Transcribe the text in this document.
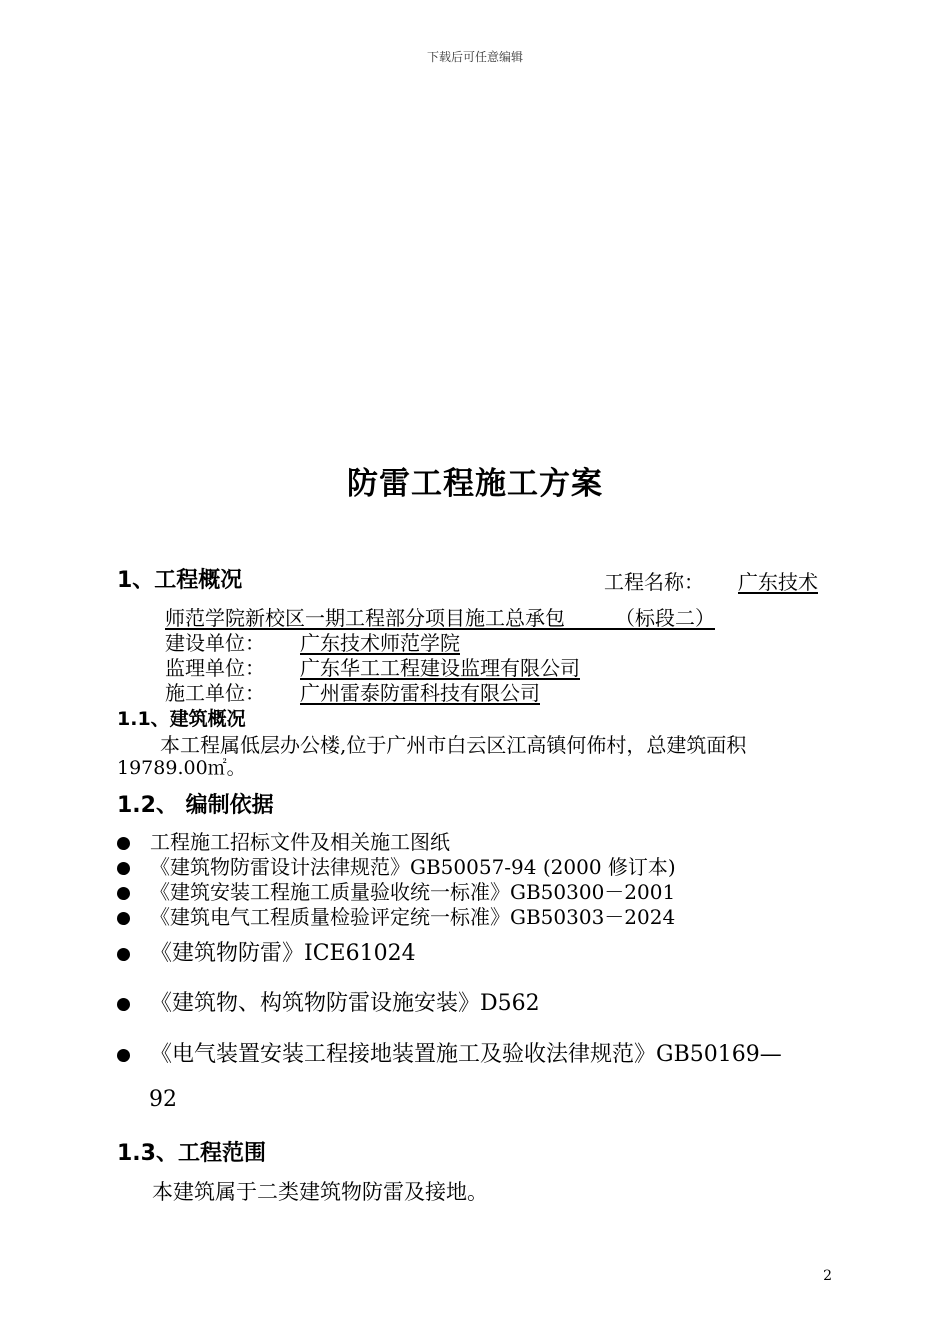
下载后可任意编辑
防雷工程施工方案
1、工程概况	工程名称： 广东技术
师范学院新校区一期工程部分项目施工总承包　　　（标段二）
建设单位： 广东技术师范学院
监理单位： 广东华工工程建设监理有限公司
施工单位： 广州雷泰防雷科技有限公司
1.1、建筑概况
本工程属低层办公楼,位于广州市白云区江高镇何佈村，总建筑面积
19789.00㎡。
1.2、 编制依据
工程施工招标文件及相关施工图纸
《建筑物防雷设计法律规范》GB50057-94 (2000 修订本)
《建筑安装工程施工质量验收统一标准》GB50300－2001
《建筑电气工程质量检验评定统一标准》GB50303－2024
《建筑物防雷》ICE61024
《建筑物、构筑物防雷设施安装》D562
《电气装置安装工程接地装置施工及验收法律规范》GB50169—
92
1.3、工程范围
本建筑属于二类建筑物防雷及接地。
2
